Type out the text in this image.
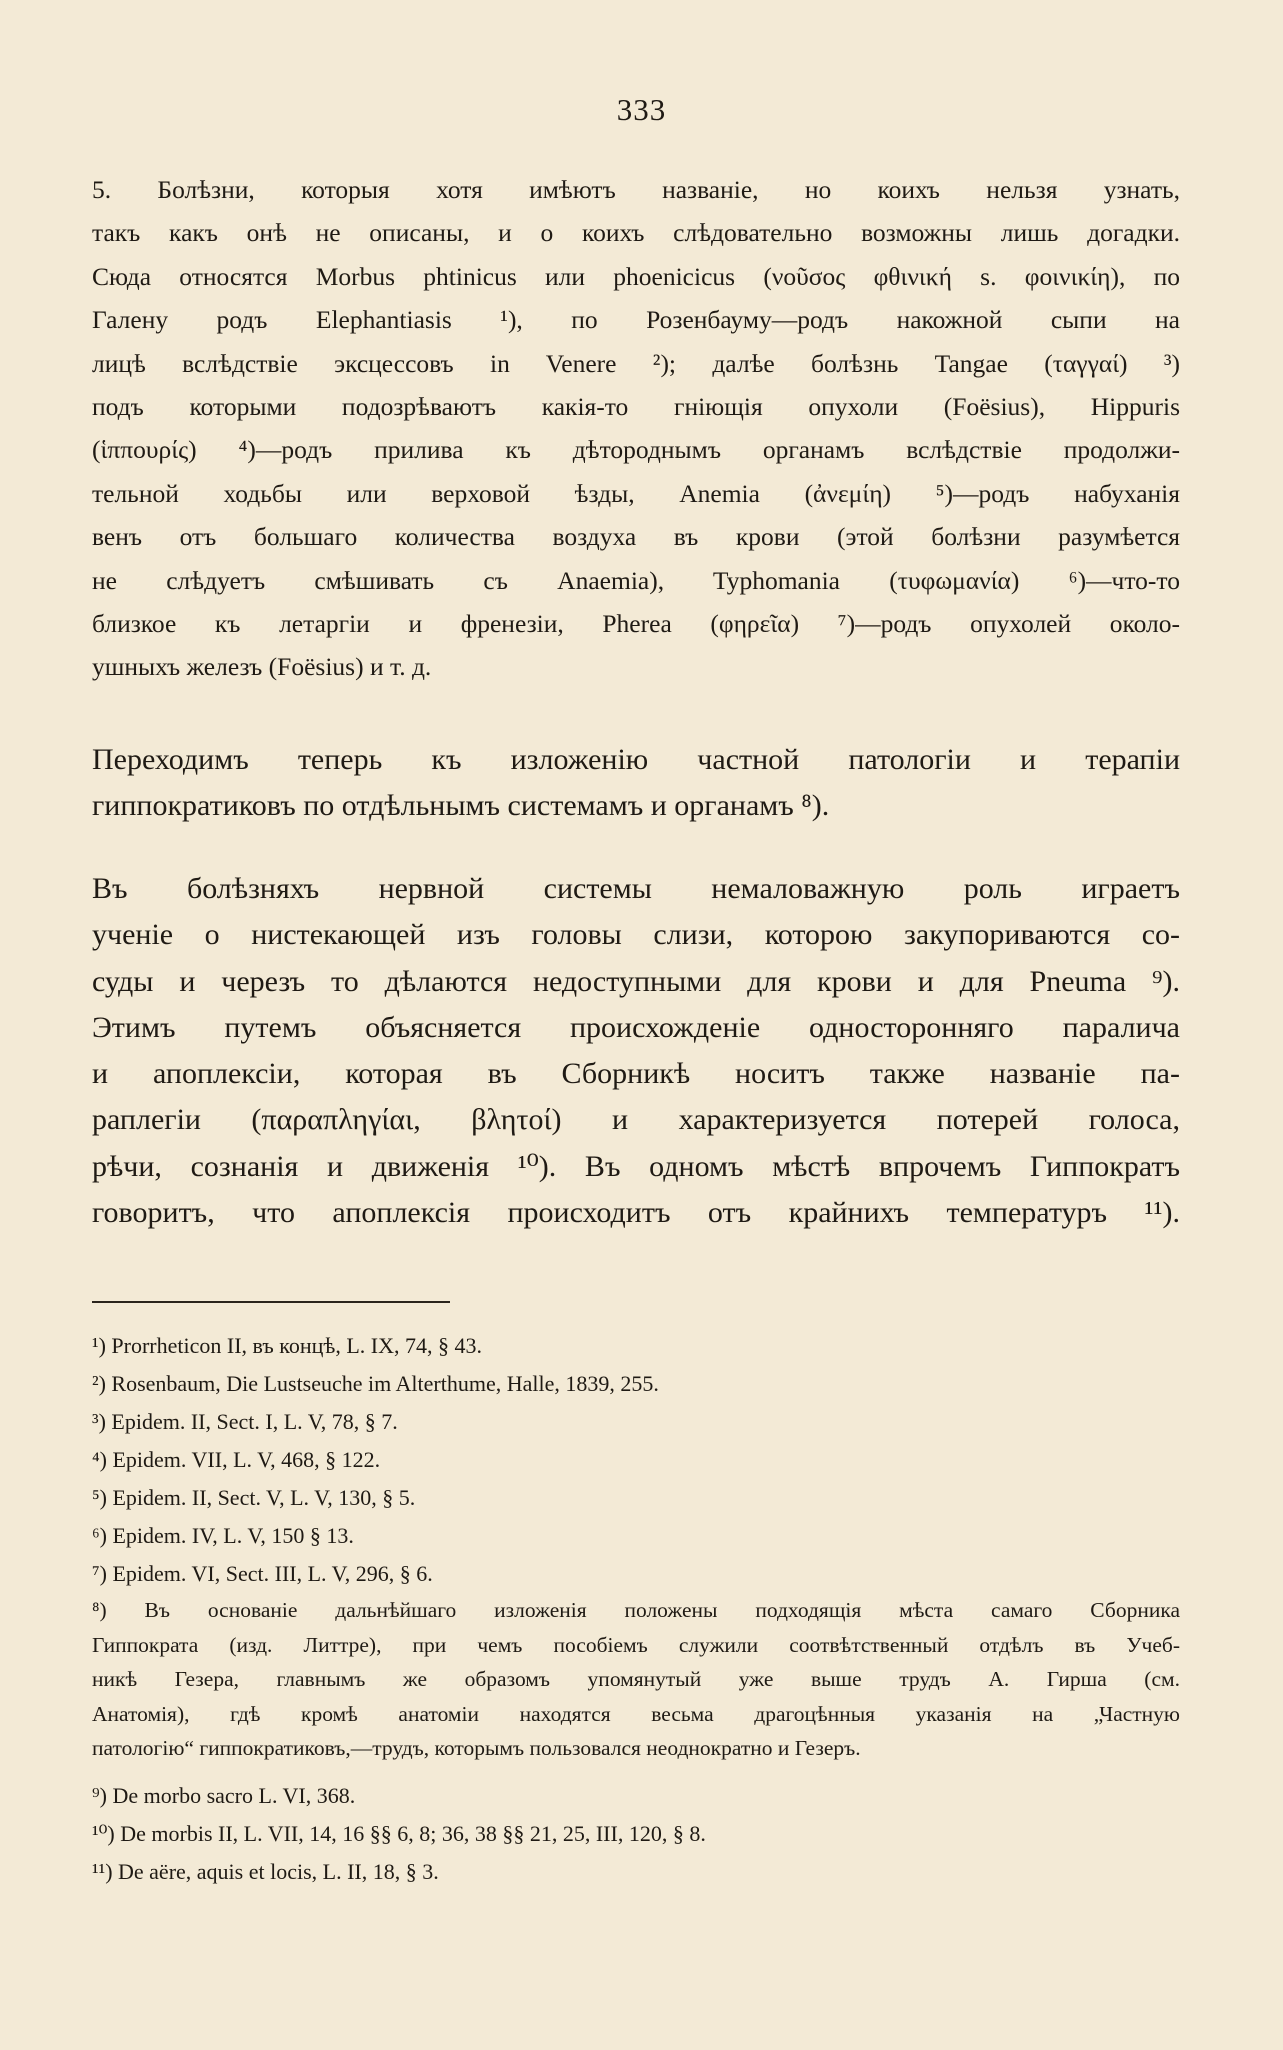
333
5. Болѣзни, которыя хотя имѣютъ названіе, но коихъ нельзя узнать,
такъ какъ онѣ не описаны, и о коихъ слѣдовательно возможны лишь догадки.
Сюда относятся Morbus phtinicus или phoenicicus (νοῦσος φθινική s. φοινικίη), по
Галену родъ Elephantiasis ¹), по Розенбауму—родъ накожной сыпи на
лицѣ вслѣдствіе эксцессовъ in Venere ²); далѣе болѣзнь Tangae (ταγγαί) ³)
подъ которыми подозрѣваютъ какія-то гніющія опухоли (Foësius), Hippuris
(ἱππουρίς) ⁴)—родъ прилива къ дѣтороднымъ органамъ вслѣдствіе продолжи-
тельной ходьбы или верховой ѣзды, Anemia (ἀνεμίη) ⁵)—родъ набуханія
венъ отъ большаго количества воздуха въ крови (этой болѣзни разумѣется
не слѣдуетъ смѣшивать съ Anaemia), Typhomania (τυφωμανία) ⁶)—что-то
близкое къ летаргіи и френезіи, Pherea (φηρεῖα) ⁷)—родъ опухолей около-
ушныхъ железъ (Foësius) и т. д.
Переходимъ теперь къ изложенію частной патологіи и терапіи
гиппократиковъ по отдѣльнымъ системамъ и органамъ ⁸).
Въ болѣзняхъ нервной системы немаловажную роль играетъ
ученіе о нистекающей изъ головы слизи, которою закупориваются со-
суды и черезъ то дѣлаются недоступными для крови и для Pneuma ⁹).
Этимъ путемъ объясняется происхожденіе односторонняго паралича
и апоплексіи, которая въ Сборникѣ носитъ также названіе па-
раплегіи (παραπληγίαι, βλητοί) и характеризуется потерей голоса,
рѣчи, сознанія и движенія ¹⁰). Въ одномъ мѣстѣ впрочемъ Гиппократъ
говоритъ, что апоплексія происходитъ отъ крайнихъ температуръ ¹¹).
¹) Prorrheticon II, въ концѣ, L. IX, 74, § 43.
²) Rosenbaum, Die Lustseuche im Alterthume, Halle, 1839, 255.
³) Epidem. II, Sect. I, L. V, 78, § 7.
⁴) Epidem. VII, L. V, 468, § 122.
⁵) Epidem. II, Sect. V, L. V, 130, § 5.
⁶) Epidem. IV, L. V, 150 § 13.
⁷) Epidem. VI, Sect. III, L. V, 296, § 6.
⁸) Въ основаніе дальнѣйшаго изложенія положены подходящія мѣста самаго Сборника
Гиппократа (изд. Литтре), при чемъ пособіемъ служили соотвѣтственный отдѣлъ въ Учеб-
никѣ Гезера, главнымъ же образомъ упомянутый уже выше трудъ А. Гирша (см.
Анатомія), гдѣ кромѣ анатоміи находятся весьма драгоцѣнныя указанія на „Частную
патологію“ гиппократиковъ,—трудъ, которымъ пользовался неоднократно и Гезеръ.
⁹) De morbo sacro L. VI, 368.
¹⁰) De morbis II, L. VII, 14, 16 §§ 6, 8; 36, 38 §§ 21, 25, III, 120, § 8.
¹¹) De aëre, aquis et locis, L. II, 18, § 3.
